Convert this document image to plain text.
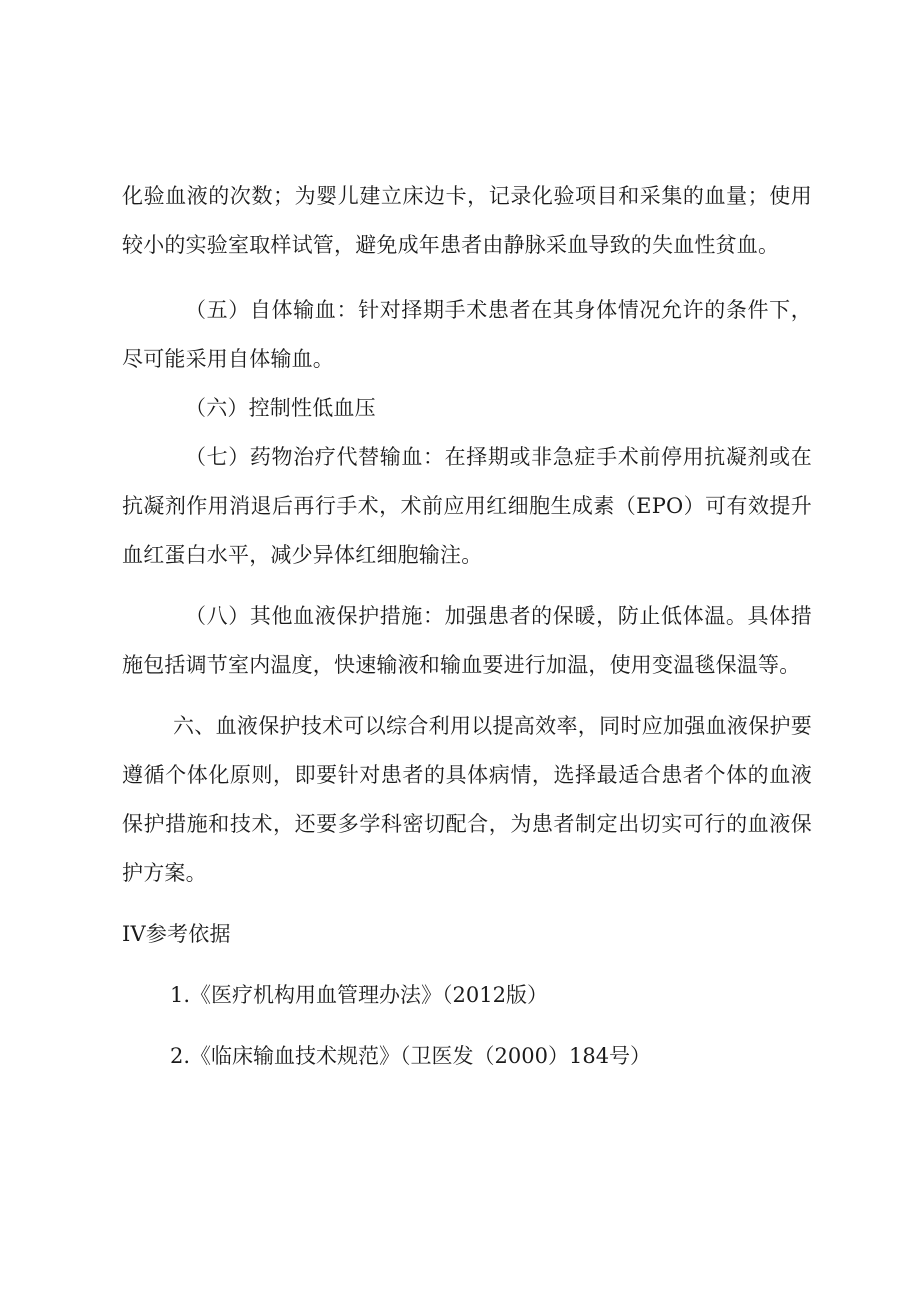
化验血液的次数；为婴儿建立床边卡，记录化验项目和采集的血量；使用较小的实验室取样试管，避免成年患者由静脉采血导致的失血性贫血。

（五）自体输血：针对择期手术患者在其身体情况允许的条件下，尽可能采用自体输血。

（六）控制性低血压

（七）药物治疗代替输血：在择期或非急症手术前停用抗凝剂或在抗凝剂作用消退后再行手术，术前应用红细胞生成素（EPO）可有效提升血红蛋白水平，减少异体红细胞输注。

（八）其他血液保护措施：加强患者的保暖，防止低体温。具体措施包括调节室内温度，快速输液和输血要进行加温，使用变温毯保温等。

六、血液保护技术可以综合利用以提高效率，同时应加强血液保护要遵循个体化原则，即要针对患者的具体病情，选择最适合患者个体的血液保护措施和技术，还要多学科密切配合，为患者制定出切实可行的血液保护方案。

IV参考依据

1.《医疗机构用血管理办法》（2012版）

2.《临床输血技术规范》（卫医发（2000）184号）
